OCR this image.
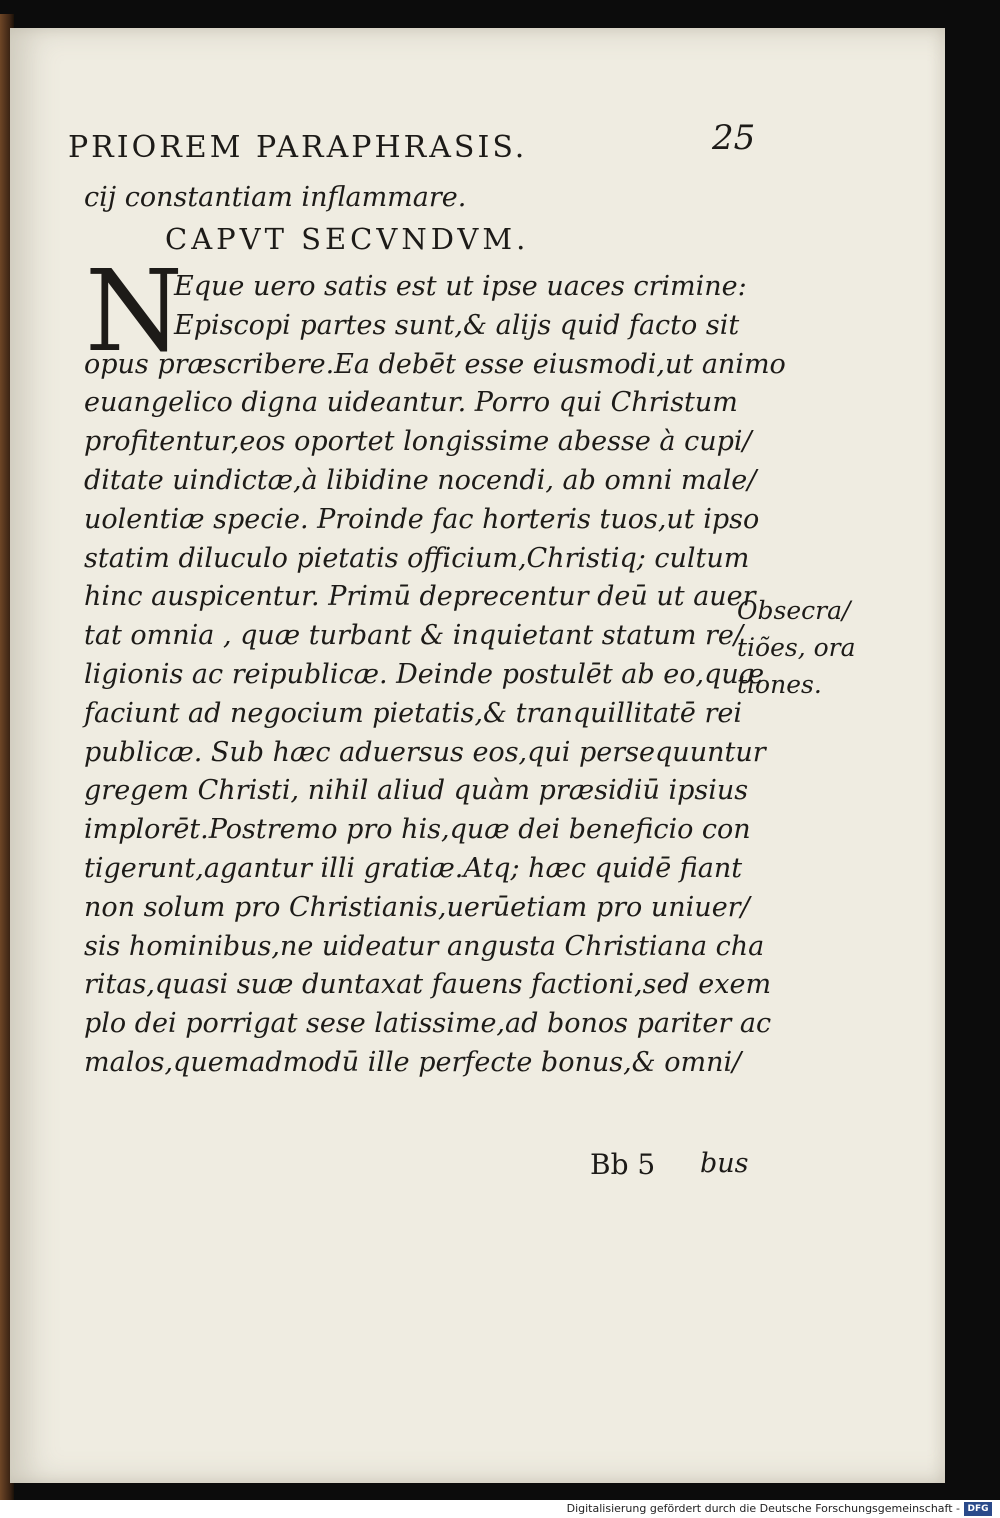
PRIOREM PARAPHRASIS.	25
cij constantiam inflammare.
CAPVT SECVNDVM.
N
Eque uero satis est ut ipse uaces crimine:
Episcopi partes sunt,& alijs quid facto sit
opus præscribere.Ea debēt esse eiusmodi,ut animo
euangelico digna uideantur. Porro qui Christum
profitentur,eos oportet longissime abesse à cupi/
ditate uindictæ,à libidine nocendi, ab omni male/
uolentiæ specie. Proinde fac horteris tuos,ut ipso
statim diluculo pietatis officium,Christiq; cultum
hinc auspicentur. Primū deprecentur deū ut auer
tat omnia , quæ turbant & inquietant statum re/
ligionis ac reipublicæ. Deinde postulēt ab eo,quæ
faciunt ad negocium pietatis,& tranquillitatē rei
publicæ. Sub hæc aduersus eos,qui persequuntur
gregem Christi, nihil aliud quàm præsidiū ipsius
implorēt.Postremo pro his,quæ dei beneficio con
tigerunt,agantur illi gratiæ.Atq; hæc quidē fiant
non solum pro Christianis,uerūetiam pro uniuer/
sis hominibus,ne uideatur angusta Christiana cha
ritas,quasi suæ duntaxat fauens factioni,sed exem
plo dei porrigat sese latissime,ad bonos pariter ac
malos,quemadmodū ille perfecte bonus,& omni/
Obsecra/
tiões, ora
tiones.
Bb 5 bus
Digitalisierung gefördert durch die Deutsche Forschungsgemeinschaft - DFG
